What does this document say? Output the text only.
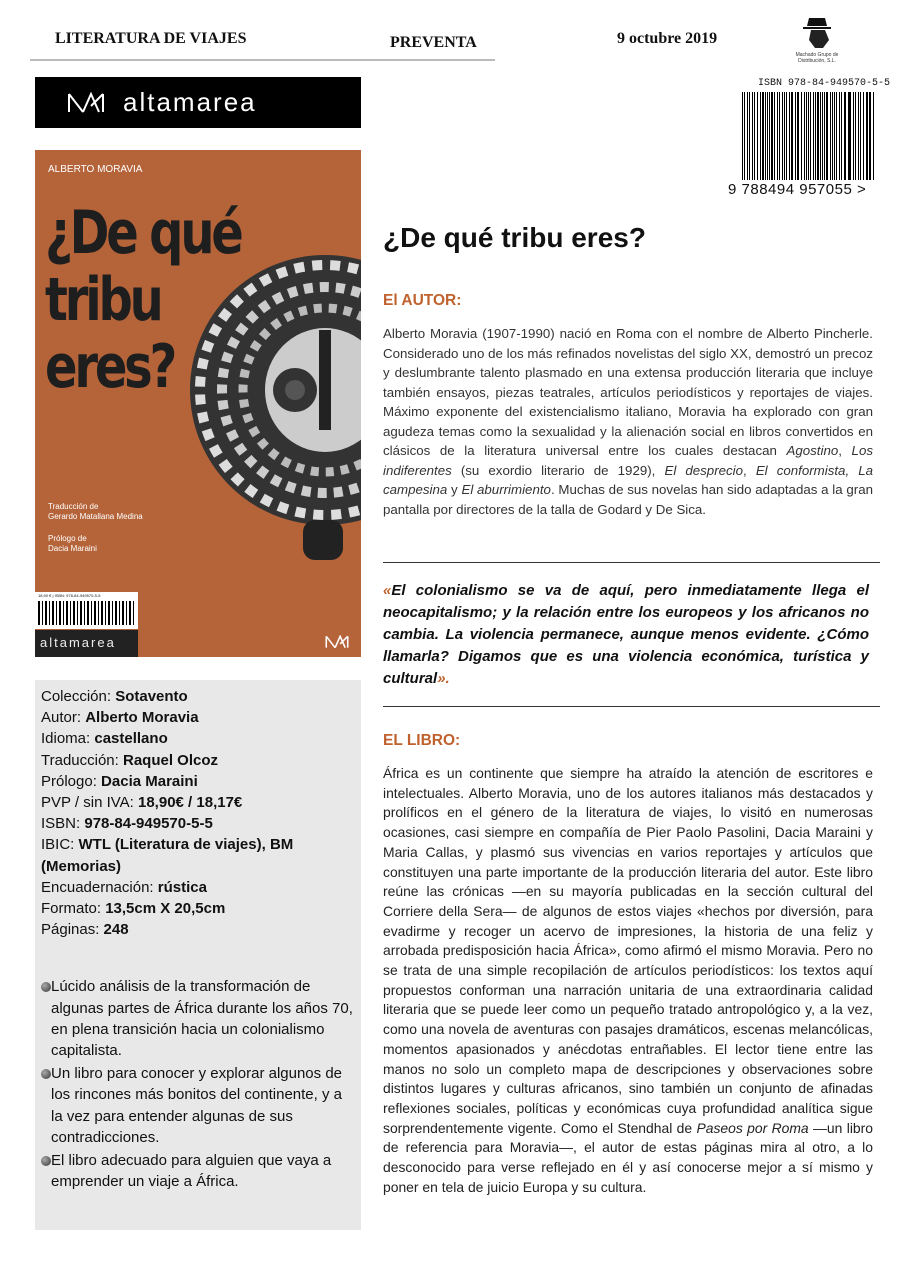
LITERATURA DE VIAJES	PREVENTA	9 octubre 2019
Machado Grupo de Distribución, S.L.
altamarea
ISBN 978-84-949570-5-5
9 788494 957055 >
ALBERTO MORAVIA
¿De qué
tribu
eres?
Traducción de
Gerardo Matallana Medina
Prólogo de
Dacia Maraini
18,90 € | ISBN: 978-84-949570-5-5
altamarea
Colección: Sotavento
Autor: Alberto Moravia
Idioma: castellano
Traducción: Raquel Olcoz
Prólogo: Dacia Maraini
PVP / sin IVA: 18,90€ / 18,17€
ISBN: 978-84-949570-5-5
IBIC: WTL (Literatura de viajes), BM (Memorias)
Encuadernación: rústica
Formato: 13,5cm X 20,5cm
Páginas: 248
Lúcido análisis de la transformación de algunas partes de África durante los años 70, en plena transición hacia un colonialismo capitalista.
Un libro para conocer y explorar algunos de los rincones más bonitos del continente, y a la vez para entender algunas de sus contradicciones.
El libro adecuado para alguien que vaya a emprender un viaje a África.
¿De qué tribu eres?
El AUTOR:
Alberto Moravia (1907-1990) nació en Roma con el nombre de Alberto Pincherle. Considerado uno de los más refinados novelistas del siglo XX, demostró un precoz y deslumbrante talento plasmado en una extensa producción literaria que incluye también ensayos, piezas teatrales, artículos periodísticos y reportajes de viajes. Máximo exponente del existencialismo italiano, Moravia ha explorado con gran agudeza temas como la sexualidad y la alienación social en libros convertidos en clásicos de la literatura universal entre los cuales destacan Agostino, Los indiferentes (su exordio literario de 1929), El desprecio, El conformista, La campesina y El aburrimiento. Muchas de sus novelas han sido adaptadas a la gran pantalla por directores de la talla de Godard y De Sica.
«El colonialismo se va de aquí, pero inmediatamente llega el neocapitalismo; y la relación entre los europeos y los africanos no cambia. La violencia permanece, aunque menos evidente. ¿Cómo llamarla? Digamos que es una violencia económica, turística y cultural».
EL LIBRO:
África es un continente que siempre ha atraído la atención de escritores e intelectuales. Alberto Moravia, uno de los autores italianos más destacados y prolíficos en el género de la literatura de viajes, lo visitó en numerosas ocasiones, casi siempre en compañía de Pier Paolo Pasolini, Dacia Maraini y Maria Callas, y plasmó sus vivencias en varios reportajes y artículos que constituyen una parte importante de la producción literaria del autor. Este libro reúne las crónicas —en su mayoría publicadas en la sección cultural del Corriere della Sera— de algunos de estos viajes «hechos por diversión, para evadirme y recoger un acervo de impresiones, la historia de una feliz y arrobada predisposición hacia África», como afirmó el mismo Moravia. Pero no se trata de una simple recopilación de artículos periodísticos: los textos aquí propuestos conforman una narración unitaria de una extraordinaria calidad literaria que se puede leer como un pequeño tratado antropológico y, a la vez, como una novela de aventuras con pasajes dramáticos, escenas melancólicas, momentos apasionados y anécdotas entrañables. El lector tiene entre las manos no solo un completo mapa de descripciones y observaciones sobre distintos lugares y culturas africanos, sino también un conjunto de afinadas reflexiones sociales, políticas y económicas cuya profundidad analítica sigue sorprendentemente vigente. Como el Stendhal de Paseos por Roma —un libro de referencia para Moravia—, el autor de estas páginas mira al otro, a lo desconocido para verse reflejado en él y así conocerse mejor a sí mismo y poner en tela de juicio Europa y su cultura.
